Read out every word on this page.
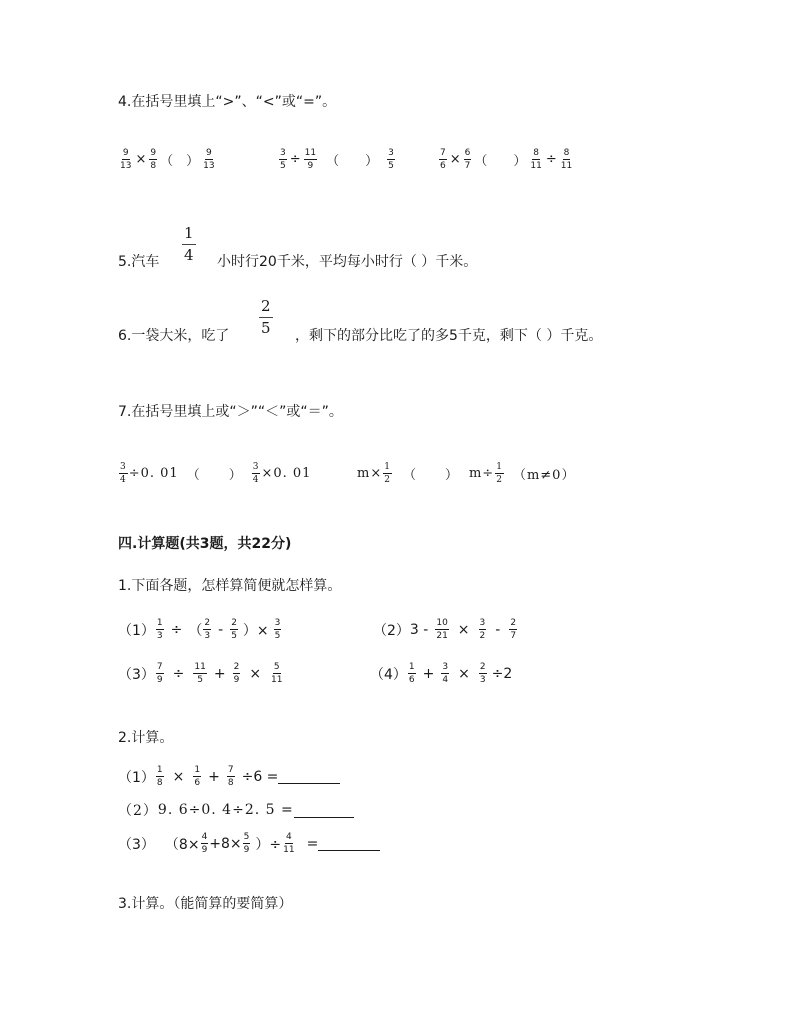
4.在括号里填上“>”、“<”或“=”。
$\frac{9}{13} \times \frac{9}{8}$ （　）
9
13	$\frac{3}{5} \div \frac{11}{9}$ （　　）
3
5	$\frac{7}{6} \times \frac{6}{7}$ （　　） $\frac{8}{11} \div \frac{8}{11}$
1
4
5.汽车	小时行20千米，平均每小时行（ ）千米。
2
5
6.一袋大米，吃了	，剩下的部分比吃了的多5千克，剩下（ ）千克。
7.在括号里填上或“＞”“＜”或“＝”。
$\frac{3}{4} \div 0$. 01 （　　） $\frac{3}{4} \times 0$. 01	$m\times \frac{1}{2}$ （　　） $m\div \frac{1}{2} (m\ne 0)$
四.计算题(共3题，共22分)
1.下面各题，怎样算简便就怎样算。
$(1) \frac{1}{3}$ ÷ （ 2
3 - 2
5 ）× $\frac{3}{5}$	（2） $3 - \frac{10}{21} \times \frac{3}{2} - 2$
7
$(3) \frac{7}{9} \div \frac{11}{5} + \frac{2}{9} \times \frac{5}{11}$	（4） 1
$6 + \frac{3}{4} \times \frac{2}{3} \div 2$
2.计算。
$(1) \frac{1}{8} \times \frac{1}{6} + \frac{7}{8} \div 6$ =
（2） 9. 6÷0. 4÷2. 5 =
（3） （$8\times \frac{4}{9} +8\times \frac{5}{9}$ ）÷ $\frac{4}{11}$ =
3.计算。（能简算的要简算）
